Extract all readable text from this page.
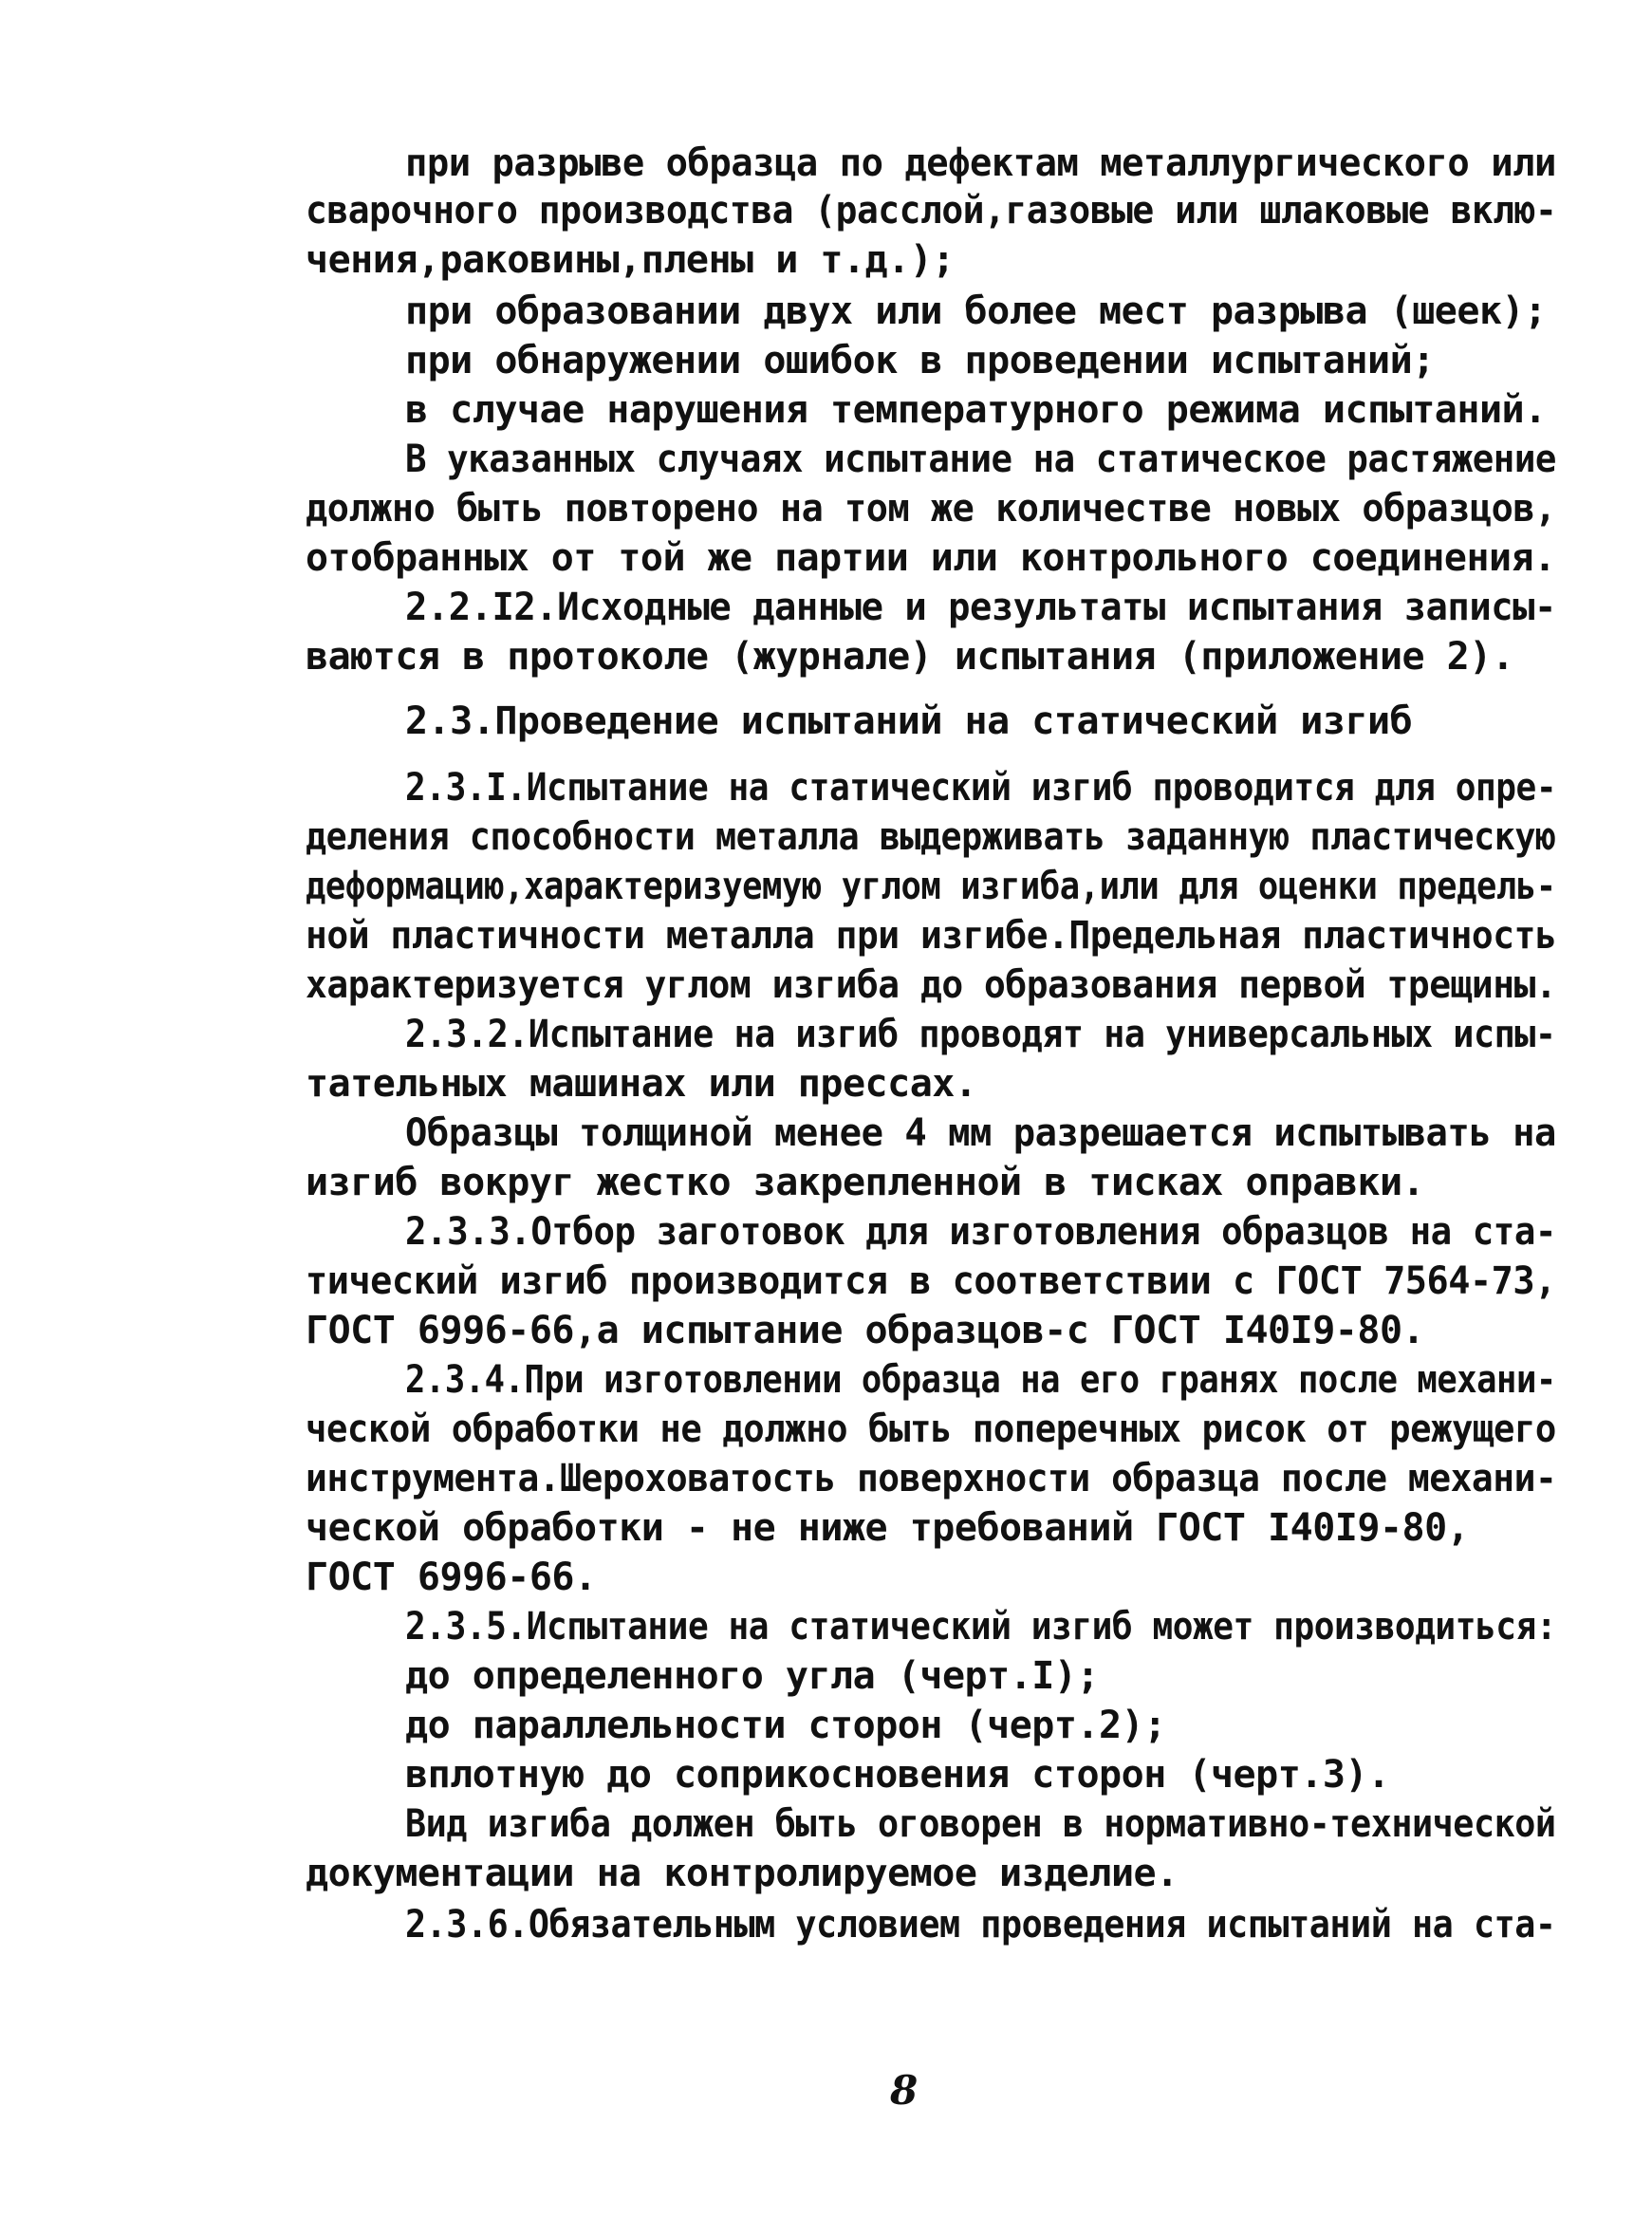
при разрыве образца по дефектам металлургического или
сварочного производства (расслой,газовые или шлаковые вклю-
чения,раковины,плены и т.д.);
при образовании двух или более мест разрыва (шеек);
при обнаружении ошибок в проведении испытаний;
в случае нарушения температурного режима испытаний.
В указанных случаях испытание на статическое растяжение
должно быть повторено на том же количестве новых образцов,
отобранных от той же партии или контрольного соединения.
2.2.I2.Исходные данные и результаты испытания записы-
ваются в протоколе (журнале) испытания (приложение 2).
2.3.Проведение испытаний на статический изгиб
2.3.I.Испытание на статический изгиб проводится для опре-
деления способности металла выдерживать заданную пластическую
деформацию,характеризуемую углом изгиба,или для оценки предель-
ной пластичности металла при изгибе.Предельная пластичность
характеризуется углом изгиба до образования первой трещины.
2.3.2.Испытание на изгиб проводят на универсальных испы-
тательных машинах или прессах.
Образцы толщиной менее 4 мм разрешается испытывать на
изгиб вокруг жестко закрепленной в тисках оправки.
2.3.3.Отбор заготовок для изготовления образцов на ста-
тический изгиб производится в соответствии с ГОСТ 7564-73,
ГОСТ 6996-66,а испытание образцов-с ГОСТ I40I9-80.
2.3.4.При изготовлении образца на его гранях после механи-
ческой обработки не должно быть поперечных рисок от режущего
инструмента.Шероховатость поверхности образца после механи-
ческой обработки - не ниже требований ГОСТ I40I9-80,
ГОСТ 6996-66.
2.3.5.Испытание на статический изгиб может производиться:
до определенного угла (черт.I);
до параллельности сторон (черт.2);
вплотную до соприкосновения сторон (черт.3).
Вид изгиба должен быть оговорен в нормативно-технической
документации на контролируемое изделие.
2.3.6.Обязательным условием проведения испытаний на ста-
8
